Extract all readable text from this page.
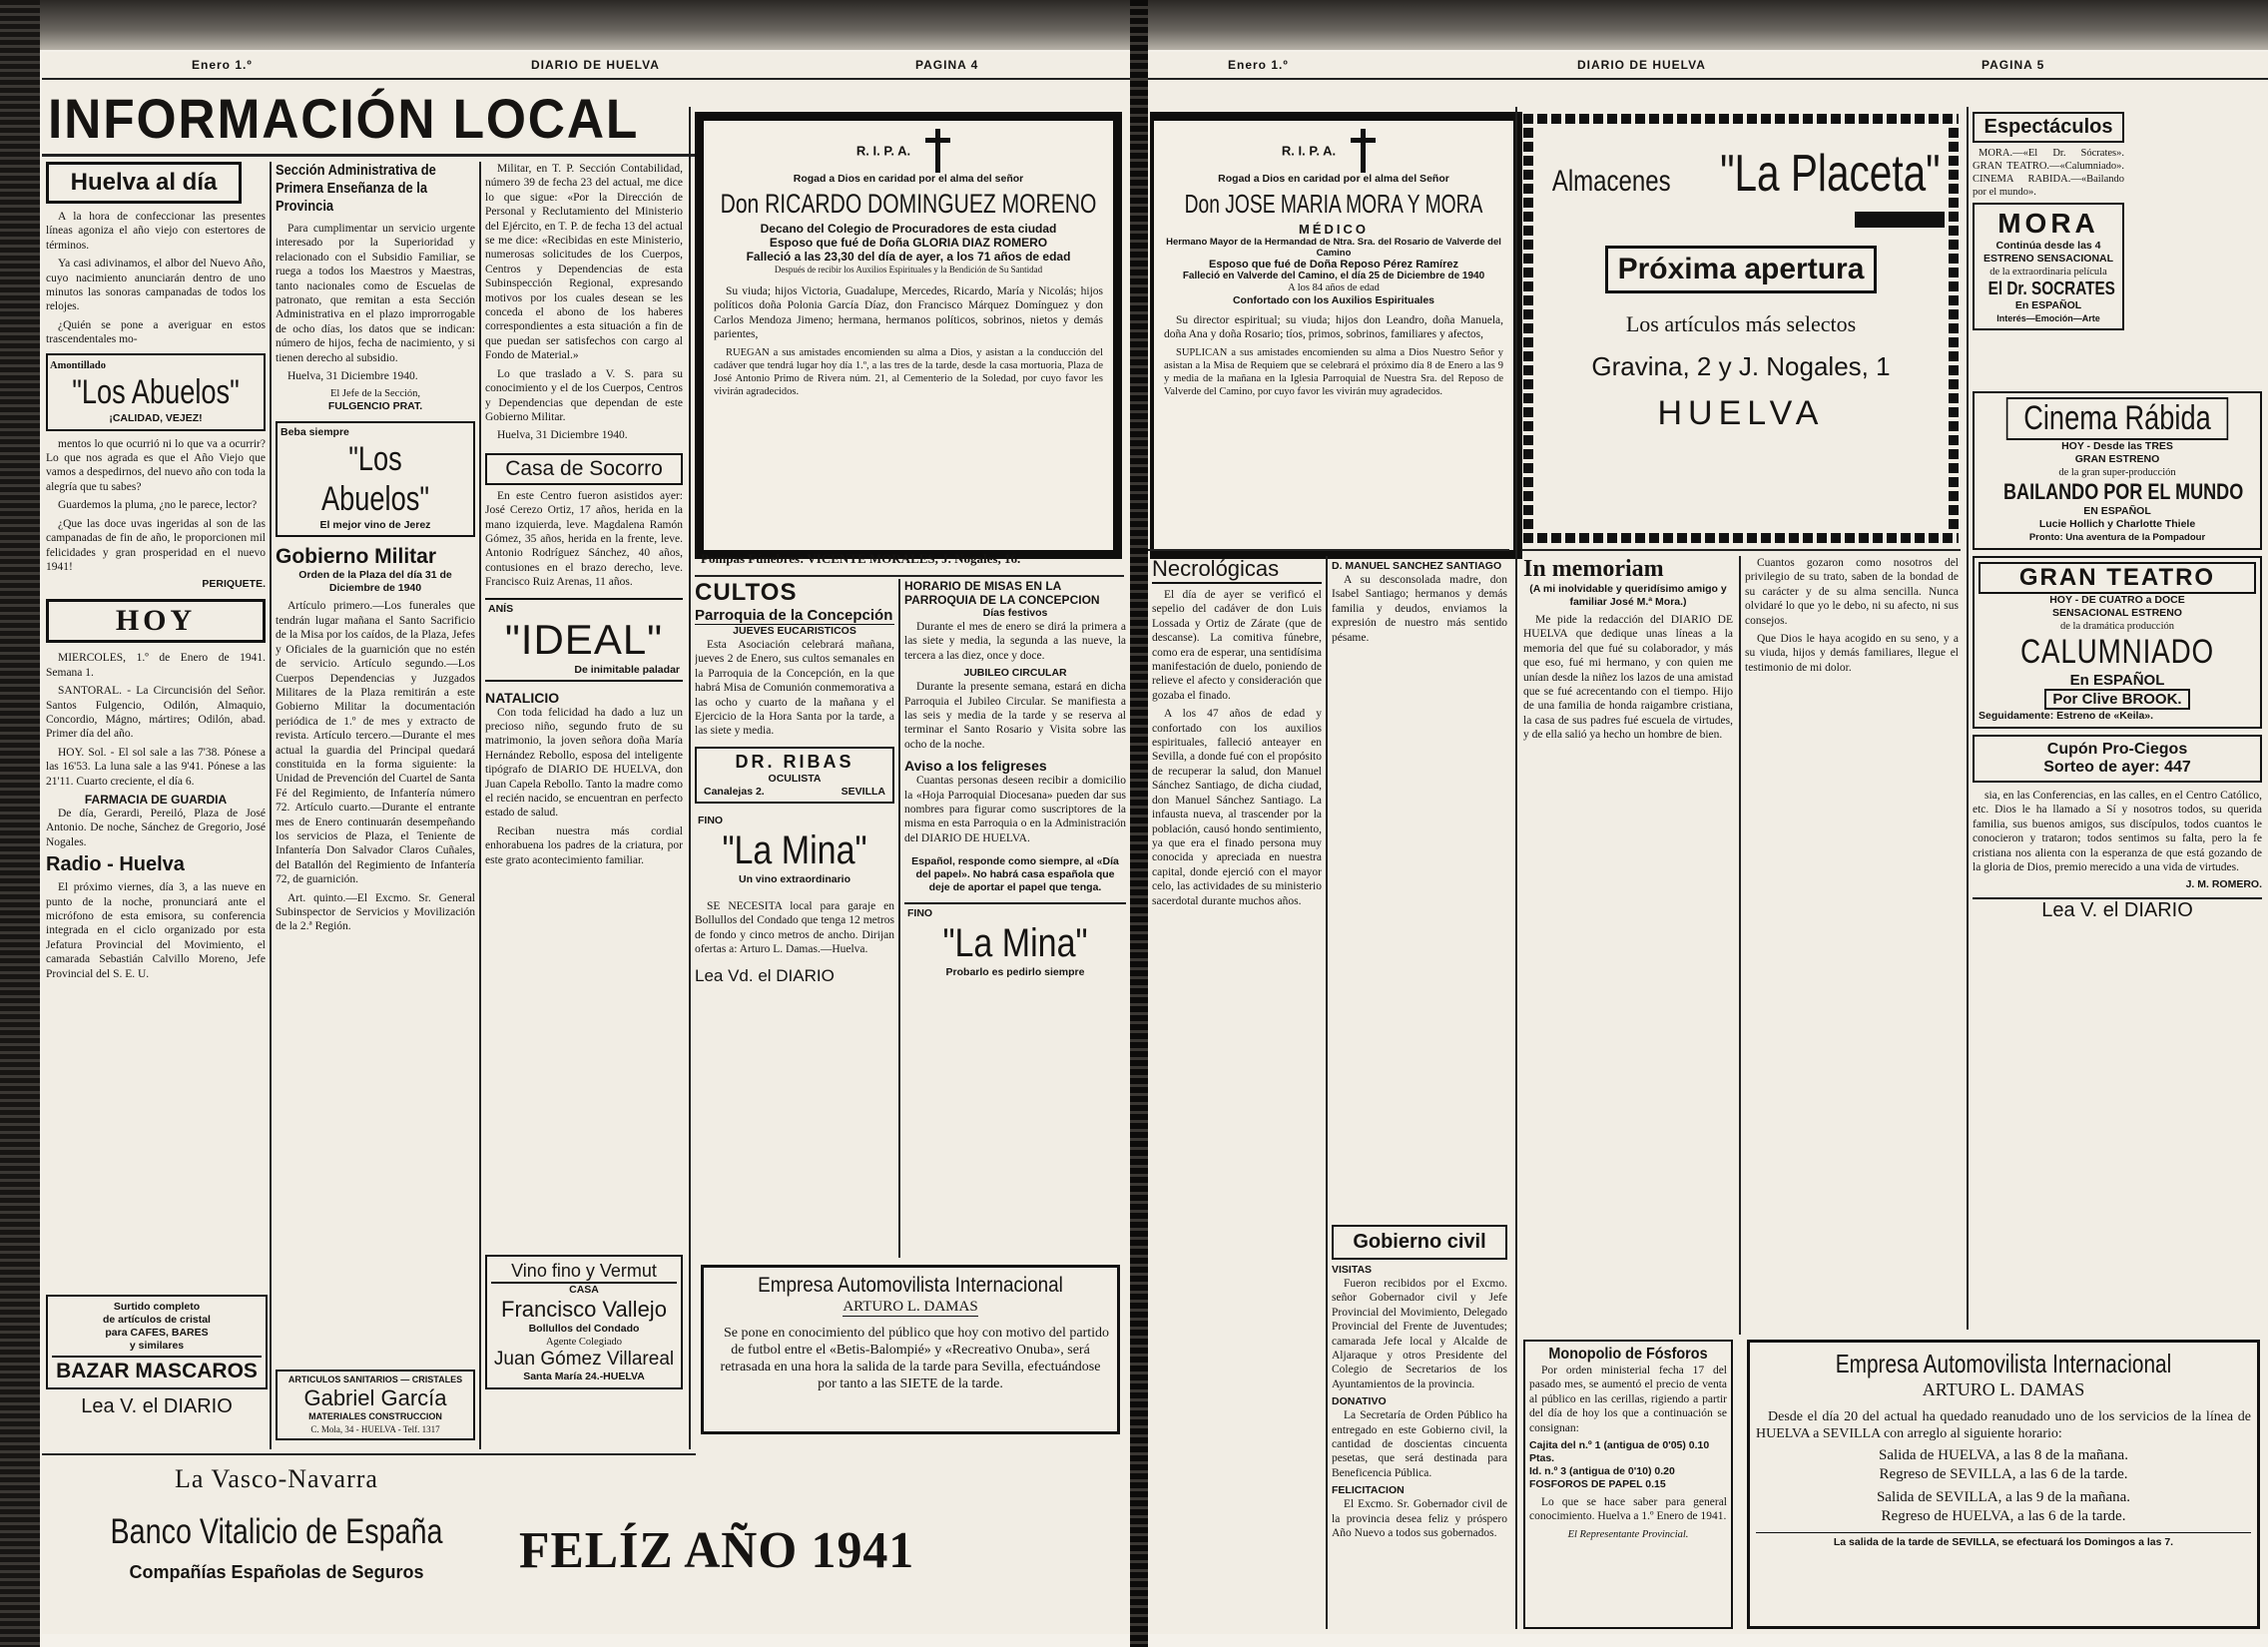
Enero 1.º	DIARIO DE HUELVA	PAGINA 4
INFORMACIÓN LOCAL
Huelva al día

A la hora de confeccionar las presentes líneas agoniza el año viejo con estertores de términos.

Ya casi adivinamos, el albor del Nuevo Año, cuyo nacimiento anunciarán dentro de uno minutos las sonoras campanadas de todos los relojes.

¿Quién se pone a averiguar en estos trascendentales mo-

Amontillado
"Los Abuelos"
¡CALIDAD, VEJEZ!

mentos lo que ocurrió ni lo que va a ocurrir? Lo que nos agrada es que el Año Viejo que vamos a despedirnos, del nuevo año con toda la alegría que tu sabes?

Guardemos la pluma, ¿no le parece, lector?

¿Que las doce uvas ingeridas al son de las campanadas de fin de año, le proporcionen mil felicidades y gran prosperidad en el nuevo 1941!

PERIQUETE.
HOY

MIERCOLES, 1.º de Enero de 1941. Semana 1.

SANTORAL. - La Circuncisión del Señor. Santos Fulgencio, Odilón, Almaquio, Concordio, Mágno, mártires; Odilón, abad. Primer día del año.

HOY. Sol. - El sol sale a las 7'38. Pónese a las 16'53. La luna sale a las 9'41. Pónese a las 21'11. Cuarto creciente, el día 6.

FARMACIA DE GUARDIA

De día, Gerardi, Pereiló, Plaza de José Antonio. De noche, Sánchez de Gregorio, José Nogales.

Radio - Huelva

El próximo viernes, día 3, a las nueve en punto de la noche, pronunciará ante el micrófono de esta emisora, su conferencia integrada en el ciclo organizado por esta Jefatura Provincial del Movimiento, el camarada Sebastián Calvillo Moreno, Jefe Provincial del S. E. U.

Surtido completo
de artículos de cristal
para CAFES, BARES
y similares
BAZAR MASCAROS
Lea V. el DIARIO
Sección Administrativa de Primera Enseñanza de la Provincia

Para cumplimentar un servicio urgente interesado por la Superioridad y relacionado con el Subsidio Familiar, se ruega a todos los Maestros y Maestras, tanto nacionales como de Escuelas de patronato, que remitan a esta Sección Administrativa en el plazo improrrogable de ocho días, los datos que se indican: número de hijos, fecha de nacimiento, y si tienen derecho al subsidio.

Huelva, 31 Diciembre 1940.

El Jefe de la Sección,
FULGENCIO PRAT.
Beba siempre
"Los Abuelos"
El mejor vino de Jerez
Gobierno Militar
Orden de la Plaza del día 31 de Diciembre de 1940

Artículo primero.—Los funerales que tendrán lugar mañana el Santo Sacrificio de la Misa por los caídos, de la Plaza, Jefes y Oficiales de la guarnición que no estén de servicio. Artículo segundo.—Los Cuerpos Dependencias y Juzgados Militares de la Plaza remitirán a este Gobierno Militar la documentación periódica de 1.º de mes y extracto de revista. Artículo tercero.—Durante el mes actual la guardia del Principal quedará constituida en la forma siguiente: la Unidad de Prevención del Cuartel de Santa Fé del Regimiento, de Infantería número 72. Artículo cuarto.—Durante el entrante mes de Enero continuarán desempeñando los servicios de Plaza, el Teniente de Infantería Don Salvador Claros Cuñales, del Batallón del Regimiento de Infantería 72, de guarnición.

Art. quinto.—El Excmo. Sr. General Subinspector de Servicios y Movilización de la 2.ª Región.

ARTICULOS SANITARIOS — CRISTALES
Gabriel García
MATERIALES CONSTRUCCION
C. Mola, 34 - HUELVA - Telf. 1317

Militar, en T. P. Sección Contabilidad, número 39 de fecha 23 del actual, me dice lo que sigue: «Por la Dirección de Personal y Reclutamiento del Ministerio del Ejército, en T. P. de fecha 13 del actual se me dice: «Recibidas en este Ministerio, numerosas solicitudes de los Cuerpos, Centros y Dependencias de esta Subinspección Regional, expresando motivos por los cuales desean se les conceda el abono de los haberes correspondientes a esta situación a fin de que puedan ser satisfechos con cargo al Fondo de Material.»

Lo que traslado a V. S. para su conocimiento y el de los Cuerpos, Centros y Dependencias que dependan de este Gobierno Militar.

Huelva, 31 Diciembre 1940.

Casa de Socorro

En este Centro fueron asistidos ayer: José Cerezo Ortiz, 17 años, herida en la mano izquierda, leve. Magdalena Ramón Gómez, 35 años, herida en la frente, leve. Antonio Rodríguez Sánchez, 40 años, contusiones en el brazo derecho, leve. Francisco Ruiz Arenas, 11 años.

ANÍS
"IDEAL"
De inimitable paladar
NATALICIO

Con toda felicidad ha dado a luz un precioso niño, segundo fruto de su matrimonio, la joven señora doña María Hernández Rebollo, esposa del inteligente tipógrafo de DIARIO DE HUELVA, don Juan Capela Rebollo. Tanto la madre como el recién nacido, se encuentran en perfecto estado de salud.

Reciban nuestra más cordial enhorabuena los padres de la criatura, por este grato acontecimiento familiar.

Vino fino y Vermut
CASA
Francisco Vallejo
Bollullos del Condado
Agente Colegiado
Juan Gómez Villareal
Santa María 24.-HUELVA
R. I. P. A.
Rogad a Dios en caridad por el alma del señor
Don RICARDO DOMINGUEZ MORENO
Decano del Colegio de Procuradores de esta ciudad
Esposo que fué de Doña GLORIA DIAZ ROMERO
Falleció a las 23,30 del día de ayer, a los 71 años de edad
Después de recibir los Auxilios Espirituales y la Bendición de Su Santidad

Su viuda; hijos Victoria, Guadalupe, Mercedes, Ricardo, María y Nicolás; hijos políticos doña Polonia García Díaz, don Francisco Márquez Domínguez y don Carlos Mendoza Jimeno; hermana, hermanos políticos, sobrinos, nietos y demás parientes,

RUEGAN a sus amistades encomienden su alma a Dios, y asistan a la conducción del cadáver que tendrá lugar hoy día 1.º, a las tres de la tarde, desde la casa mortuoria, Plaza de José Antonio Primo de Rivera núm. 21, al Cementerio de la Soledad, por cuyo favor les vivirán agradecidos.

Pompas Fúnebres: VICENTE MORALES, J. Nogales, 16.
CULTOS
Parroquia de la Concepción
JUEVES EUCARISTICOS

Esta Asociación celebrará mañana, jueves 2 de Enero, sus cultos semanales en la Parroquia de la Concepción, en la que habrá Misa de Comunión conmemorativa a las ocho y cuarto de la mañana y el Ejercicio de la Hora Santa por la tarde, a las siete y media.

DR. RIBAS
OCULISTA
Canalejas 2.	SEVILLA
FINO
"La Mina"
Un vino extraordinario

SE NECESITA local para garaje en Bollullos del Condado que tenga 12 metros de fondo y cinco metros de ancho. Dirijan ofertas a: Arturo L. Damas.—Huelva.

Lea Vd. el DIARIO
HORARIO DE MISAS EN LA PARROQUIA DE LA CONCEPCION
Días festivos

Durante el mes de enero se dirá la primera a las siete y media, la segunda a las nueve, la tercera a las diez, once y doce.

JUBILEO CIRCULAR

Durante la presente semana, estará en dicha Parroquia el Jubileo Circular. Se manifiesta a las seis y media de la tarde y se reserva al terminar el Santo Rosario y Visita sobre las ocho de la noche.

Aviso a los feligreses

Cuantas personas deseen recibir a domicilio la «Hoja Parroquial Diocesana» pueden dar sus nombres para figurar como suscriptores de la misma en esta Parroquia o en la Administración del DIARIO DE HUELVA.

Español, responde como siempre, al «Día del papel». No habrá casa española que deje de aportar el papel que tenga.

FINO
"La Mina"
Probarlo es pedirlo siempre
Empresa Automovilista Internacional
ARTURO L. DAMAS

Se pone en conocimiento del público que hoy con motivo del partido de futbol entre el «Betis-Balompié» y «Recreativo Onuba», será retrasada en una hora la salida de la tarde para Sevilla, efectuándose por tanto a las SIETE de la tarde.

La Vasco-Navarra
Banco Vitalicio de España
Compañías Españolas de Seguros	FELÍZ AÑO 1941
Enero 1.º	DIARIO DE HUELVA	PAGINA 5
R. I. P. A.
Rogad a Dios en caridad por el alma del Señor
Don JOSE MARIA MORA Y MORA
MÉDICO
Hermano Mayor de la Hermandad de Ntra. Sra. del Rosario de Valverde del Camino
Esposo que fué de Doña Reposo Pérez Ramírez
Falleció en Valverde del Camino, el día 25 de Diciembre de 1940
A los 84 años de edad
Confortado con los Auxilios Espirituales

Su director espiritual; su viuda; hijos don Leandro, doña Manuela, doña Ana y doña Rosario; tíos, primos, sobrinos, familiares y afectos,

SUPLICAN a sus amistades encomienden su alma a Dios Nuestro Señor y asistan a la Misa de Requiem que se celebrará el próximo día 8 de Enero a las 9 y media de la mañana en la Iglesia Parroquial de Nuestra Sra. del Reposo de Valverde del Camino, por cuyo favor les vivirán muy agradecidos.

Necrológicas

El día de ayer se verificó el sepelio del cadáver de don Luis Lossada y Ortiz de Zárate (que de descanse). La comitiva fúnebre, como era de esperar, una sentidísima manifestación de duelo, poniendo de relieve el afecto y consideración que gozaba el finado.

A los 47 años de edad y confortado con los auxilios espirituales, falleció anteayer en Sevilla, a donde fué con el propósito de recuperar la salud, don Manuel Sánchez Santiago, de dicha ciudad, don Manuel Sánchez Santiago. La infausta nueva, al trascender por la población, causó hondo sentimiento, ya que era el finado persona muy conocida y apreciada en nuestra capital, donde ejerció con el mayor celo, las actividades de su ministerio sacerdotal durante muchos años.

D. MANUEL SANCHEZ SANTIAGO

A su desconsolada madre, don Isabel Santiago; hermanos y demás familia y deudos, enviamos la expresión de nuestro más sentido pésame.

Gobierno civil
VISITAS

Fueron recibidos por el Excmo. señor Gobernador civil y Jefe Provincial del Movimiento, Delegado Provincial del Frente de Juventudes; camarada Jefe local y Alcalde de Aljaraque y otros Presidente del Colegio de Secretarios de los Ayuntamientos de la provincia.

DONATIVO

La Secretaría de Orden Público ha entregado en este Gobierno civil, la cantidad de doscientas cincuenta pesetas, que será destinada para Beneficencia Pública.

FELICITACION

El Excmo. Sr. Gobernador civil de la provincia desea feliz y próspero Año Nuevo a todos sus gobernados.

Almacenes "La Placeta"
Próxima apertura
Los artículos más selectos
Gravina, 2 y J. Nogales, 1
HUELVA
In memoriam
(A mi inolvidable y queridísimo amigo y familiar José M.ª Mora.)

Me pide la redacción del DIARIO DE HUELVA que dedique unas líneas a la memoria del que fué su colaborador, y más que eso, fué mi hermano, y con quien me unían desde la niñez los lazos de una amistad que se fué acrecentando con el tiempo. Hijo de una familia de honda raigambre cristiana, la casa de sus padres fué escuela de virtudes, y de ella salió ya hecho un hombre de bien.

Cuantos gozaron como nosotros del privilegio de su trato, saben de la bondad de su carácter y de su alma sencilla. Nunca olvidaré lo que yo le debo, ni su afecto, ni sus consejos.

Que Dios le haya acogido en su seno, y a su viuda, hijos y demás familiares, llegue el testimonio de mi dolor.

Monopolio de Fósforos

Por orden ministerial fecha 17 del pasado mes, se aumentó el precio de venta al público en las cerillas, rigiendo a partir del día de hoy los que a continuación se consignan:

Cajita del n.º 1 (antigua de 0'05) 0.10 Ptas.
Id. n.º 3 (antigua de 0'10) 0.20
FOSFOROS DE PAPEL 0.15

Lo que se hace saber para general conocimiento. Huelva a 1.º Enero de 1941.

El Representante Provincial.
Espectáculos

MORA.—«El Dr. Sócrates». GRAN TEATRO.—«Calumniado». CINEMA RABIDA.—«Bailando por el mundo».

MORA
Continúa desde las 4
ESTRENO SENSACIONAL
de la extraordinaria película
El Dr. SOCRATES
En ESPAÑOL
Interés—Emoción—Arte
Cinema Rábida
HOY - Desde las TRES
GRAN ESTRENO
de la gran super-producción
BAILANDO POR EL MUNDO
EN ESPAÑOL
Lucie Hollich y Charlotte Thiele
Pronto: Una aventura de la Pompadour
GRAN TEATRO
HOY - DE CUATRO a DOCE
SENSACIONAL ESTRENO
de la dramática producción
CALUMNIADO
En ESPAÑOL
Por Clive BROOK.
Seguidamente: Estreno de «Keila».
Cupón Pro-Ciegos
Sorteo de ayer: 447

sia, en las Conferencias, en las calles, en el Centro Católico, etc. Dios le ha llamado a Sí y nosotros todos, su querida familia, sus buenos amigos, sus discípulos, todos cuantos le conocieron y trataron; todos sentimos su falta, pero la fe cristiana nos alienta con la esperanza de que está gozando de la gloria de Dios, premio merecido a una vida de virtudes.

J. M. ROMERO.
Lea V. el DIARIO
Empresa Automovilista Internacional
ARTURO L. DAMAS

Desde el día 20 del actual ha quedado reanudado uno de los servicios de la línea de HUELVA a SEVILLA con arreglo al siguiente horario:

Salida de HUELVA, a las 8 de la mañana.
Regreso de SEVILLA, a las 6 de la tarde.
Salida de SEVILLA, a las 9 de la mañana.
Regreso de HUELVA, a las 6 de la tarde.
La salida de la tarde de SEVILLA, se efectuará los Domingos a las 7.
